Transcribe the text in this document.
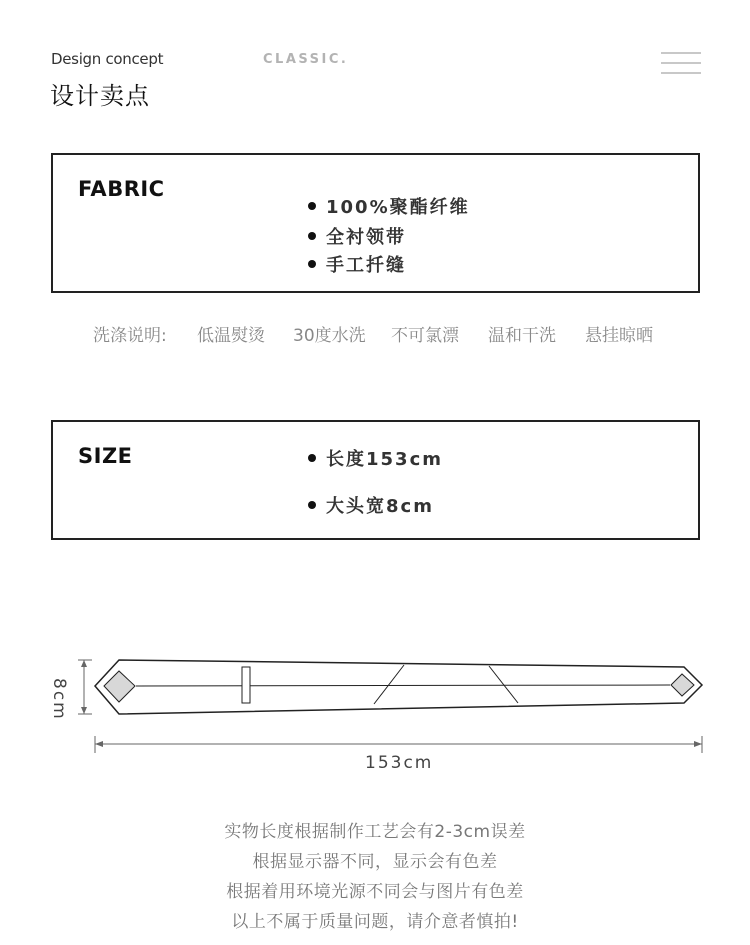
Design concept
设计卖点
CLASSIC.
FABRIC
100%聚酯纤维
全衬领带
手工扦缝
洗涤说明: 低温熨烫 30度水洗 不可氯漂 温和干洗 悬挂晾晒
SIZE	长度153cm
大头宽8cm
8cm
153cm
实物长度根据制作工艺会有2-3cm误差
根据显示器不同，显示会有色差
根据着用环境光源不同会与图片有色差
以上不属于质量问题，请介意者慎拍!
